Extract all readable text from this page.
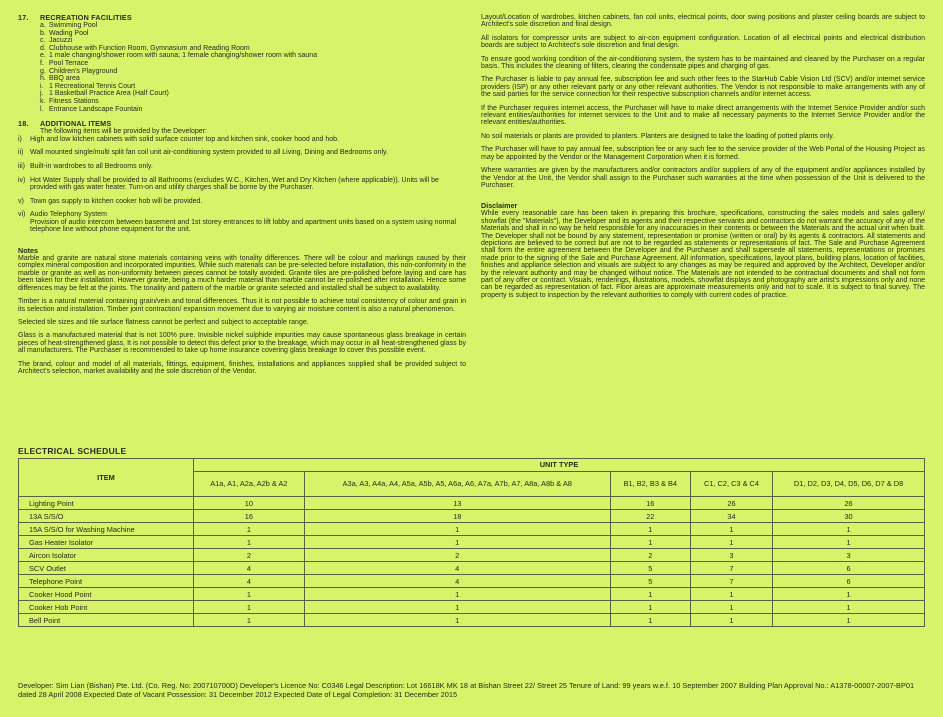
17. RECREATION FACILITIES
a. Swimming Pool
b. Wading Pool
c. Jacuzzi
d. Clubhouse with Function Room, Gymnasium and Reading Room
e. 1 male changing/shower room with sauna; 1 female changing/shower room with sauna
f. Pool Terrace
g. Children's Playground
h. BBQ area
i. 1 Recreational Tennis Court
j. 1 Basketball Practice Area (Half Court)
k. Fitness Stations
l. Entrance Landscape Fountain
18. ADDITIONAL ITEMS
The following items will be provided by the Developer:
i)	High and low kitchen cabinets with solid surface counter top and kitchen sink, cooker hood and hob.
ii) Wall mounted single/multi split fan coil unit air-conditioning system provided to all Living, Dining and Bedrooms only.
iii) Built-in wardrobes to all Bedrooms only.
iv) Hot Water Supply shall be provided to all Bathrooms (excludes W.C., Kitchen, Wet and Dry Kitchen (where applicable)). Units will be provided with gas water heater. Turn-on and utility charges shall be borne by the Purchaser.
v) Town gas supply to kitchen cooker hob will be provided.
vi) Audio Telephony System
Provision of audio intercom between basement and 1st storey entrances to lift lobby and apartment units based on a system using normal telephone line without phone equipment for the unit.
Notes

Marble and granite are natural stone materials containing veins with tonality differences. There will be colour and markings caused by their complex mineral composition and incorporated impurities. While such materials can be pre-selected before installation, this non-conformity in the marble or granite as well as non-uniformity between pieces cannot be totally avoided. Granite tiles are pre-polished before laying and care has been taken for their installation. However granite, being a much harder material than marble cannot be re-polished after installation. Hence some differences may be felt at the joints. The tonality and pattern of the marble or granite selected and installed shall be subject to availability.

Timber is a natural material containing grain/vein and tonal differences. Thus it is not possible to achieve total consistency of colour and grain in its selection and installation. Timber joint contraction/ expansion movement due to varying air moisture content is also a natural phenomenon.

Selected tile sizes and tile surface flatness cannot be perfect and subject to acceptable range.

Glass is a manufactured material that is not 100% pure. Invisible nickel sulphide impurities may cause spontaneous glass breakage in certain pieces of heat-strengthened glass. It is not possible to detect this defect prior to the breakage, which may occur in all heat-strengthened glass by all manufacturers. The Purchaser is recommended to take up home insurance covering glass breakage to cover this possible event.

The brand, colour and model of all materials, fittings, equipment, finishes, installations and appliances supplied shall be provided subject to Architect's selection, market availability and the sole discretion of the Vendor.

Layout/Location of wardrobes, kitchen cabinets, fan coil units, electrical points, door swing positions and plaster ceiling boards are subject to Architect's sole discretion and final design.

All isolators for compressor units are subject to air-con equipment configuration. Location of all electrical points and electrical distribution boards are subject to Architect's sole discretion and final design.

To ensure good working condition of the air-conditioning system, the system has to be maintained and cleaned by the Purchaser on a regular basis. This includes the cleaning of filters, clearing the condensate pipes and charging of gas.

The Purchaser is liable to pay annual fee, subscription fee and such other fees to the StarHub Cable Vision Ltd (SCV) and/or internet service providers (ISP) or any other relevant party or any other relevant authorities. The Vendor is not responsible to make arrangements with any of the said parties for the service connection for their respective subscription channels and/or internet access.

If the Purchaser requires internet access, the Purchaser will have to make direct arrangements with the Internet Service Provider and/or such relevant entities/authorities for internet services to the Unit and to make all necessary payments to the Internet Service Provider and/or the relevant entities/authorities.

No soil materials or plants are provided to planters. Planters are designed to take the loading of potted plants only.

The Purchaser will have to pay annual fee, subscription fee or any such fee to the service provider of the Web Portal of the Housing Project as may be appointed by the Vendor or the Management Corporation when it is formed.

Where warranties are given by the manufacturers and/or contractors and/or suppliers of any of the equipment and/or appliances installed by the Vendor at the Unit, the Vendor shall assign to the Purchaser such warranties at the time when possession of the Unit is delivered to the Purchaser.

Disclaimer

While every reasonable care has been taken in preparing this brochure, specifications, constructing the sales models and sales gallery/ showflat (the "Materials"), the Developer and its agents and their respective servants and contractors do not warrant the accuracy of any of the Materials and shall in no way be held responsible for any inaccuracies in their contents or between the Materials and the actual unit when built. The Developer shall not be bound by any statement, representation or promise (written or oral) by its agents & contractors. All statements and depictions are believed to be correct but are not to be regarded as statements or representations of fact. The Sale and Purchase Agreement shall form the entire agreement between the Developer and the Purchaser and shall supersede all statements, representations or promises made prior to the signing of the Sale and Purchase Agreement. All information, specifications, layout plans, building plans, location of facilities, finishes and appliance selection and visuals are subject to any changes as may be required and approved by the Architect, Developer and/or by the relevant authority and may be changed without notice. The Materials are not intended to be contractual documents and shall not form part of any offer or contract. Visuals, renderings, illustrations, models, showflat displays and photography are artist's impressions only and none can be regarded as representation of fact. Floor areas are approximate measurements only and not to scale. It is subject to final survey. The property is subject to inspection by the relevant authorities to comply with current codes of practice.

ELECTRICAL SCHEDULE
ITEM	UNIT TYPE				
	A1a, A1, A2a, A2b & A2	A3a, A3, A4a, A4, A5a, A5b, A5, A6a, A6, A7a, A7b, A7, A8a, A8b & A8	B1, B2, B3 & B4	C1, C2, C3 & C4	D1, D2, D3, D4, D5, D6, D7 & D8
Lighting Point	10	13	16	26	26
13A S/S/O	16	18	22	34	30
15A S/S/O for Washing Machine	1	1	1	1	1
Gas Heater Isolator	1	1	1	1	1
Aircon Isolator	2	2	2	3	3
SCV Outlet	4	4	5	7	6
Telephone Point	4	4	5	7	6
Cooker Hood Point	1	1	1	1	1
Cooker Hob Point	1	1	1	1	1
Bell Point	1	1	1	1	1
Developer: Sim Lian (Bishan) Pte. Ltd. (Co. Reg. No: 200710700D) Developer's Licence No: C0346 Legal Description: Lot 16618K MK 18 at Bishan Street 22/ Street 25 Tenure of Land: 99 years w.e.f. 10 September 2007 Building Plan Approval No.: A1378-00007-2007-BP01 dated 28 April 2008 Expected Date of Vacant Possession: 31 December 2012 Expected Date of Legal Completion: 31 December 2015
